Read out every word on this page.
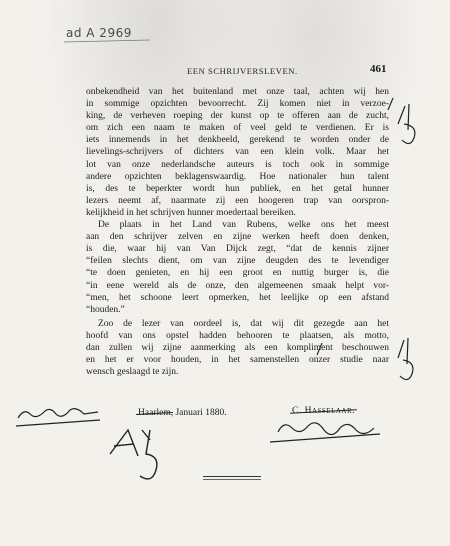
ad A 2969
EEN SCHRIJVERSLEVEN.	461
onbekendheid van het buitenland met onze taal, achten wij hen
in sommige opzichten bevoorrecht. Zij komen niet in verzoe-
king, de verheven roeping der kunst op te offeren aan de zucht,
om zich een naam te maken of veel geld te verdienen. Er is
iets innemends in het denkbeeld, gerekend te worden onder de
lievelings-schrijvers of dichters van een klein volk. Maar het
lot van onze nederlandsche auteurs is toch ook in sommige
andere opzichten beklagenswaardig. Hoe nationaler hun talent
is, des te beperkter wordt hun publiek, en het getal hunner
lezers neemt af, naarmate zij een hoogeren trap van oorspron-
kelijkheid in het schrijven hunner moedertaal bereiken.
De plaats in het Land van Rubens, welke ons het meest
aan den schrijver zelven en zijne werken heeft doen denken,
is die, waar hij van Van Dijck zegt, “dat de kennis zijner
“feilen slechts dient, om van zijne deugden des te levendiger
“te doen genieten, en hij een groot en nuttig burger is, die
“in eene wereld als de onze, den algemeenen smaak helpt vor-
“men, het schoone leert opmerken, het leelijke op een afstand
“houden.”
Zoo de lezer van oordeel is, dat wij dit gezegde aan het
hoofd van ons opstel hadden behooren te plaatsen, als motto,
dan zullen wij zijne aanmerking als een kompliment beschouwen
en het er voor houden, in het samenstellen onzer studie naar
wensch geslaagd te zijn.
Haarlem, Januari 1880.	C. Hasselaar.
